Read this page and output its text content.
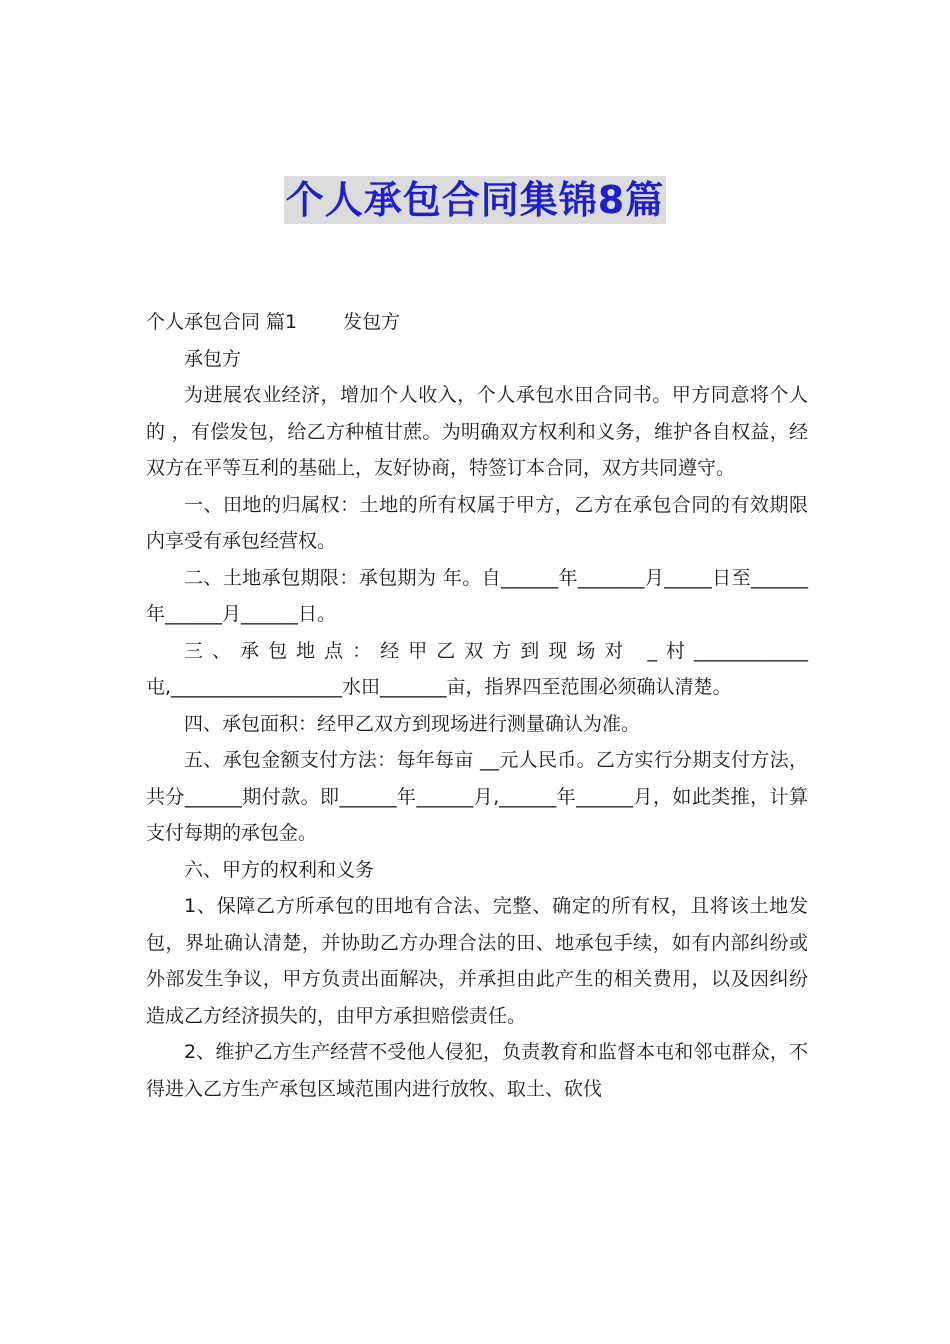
个人承包合同集锦8篇

个人承包合同 篇1 发包方

承包方

为进展农业经济，增加个人收入，个人承包水田合同书。甲方同意将个人的 ，有偿发包，给乙方种植甘蔗。为明确双方权利和义务，维护各自权益，经双方在平等互利的基础上，友好协商，特签订本合同，双方共同遵守。

一、田地的归属权：土地的所有权属于甲方，乙方在承包合同的有效期限内享受有承包经营权。

二、土地承包期限：承包期为 年。自______年_______月_____日至______年______月______日。

三、承包地点：经甲乙双方到现场对 _村____________屯,__________________水田_______亩，指界四至范围必须确认清楚。

四、承包面积：经甲乙双方到现场进行测量确认为准。

五、承包金额支付方法：每年每亩 __元人民币。乙方实行分期支付方法，共分______期付款。即______年______月,______年______月，如此类推，计算支付每期的承包金。

六、甲方的权利和义务

1、保障乙方所承包的田地有合法、完整、确定的所有权，且将该土地发包，界址确认清楚，并协助乙方办理合法的田、地承包手续，如有内部纠纷或外部发生争议，甲方负责出面解决，并承担由此产生的相关费用，以及因纠纷造成乙方经济损失的，由甲方承担赔偿责任。

2、维护乙方生产经营不受他人侵犯，负责教育和监督本屯和邻屯群众，不得进入乙方生产承包区域范围内进行放牧、取土、砍伐
